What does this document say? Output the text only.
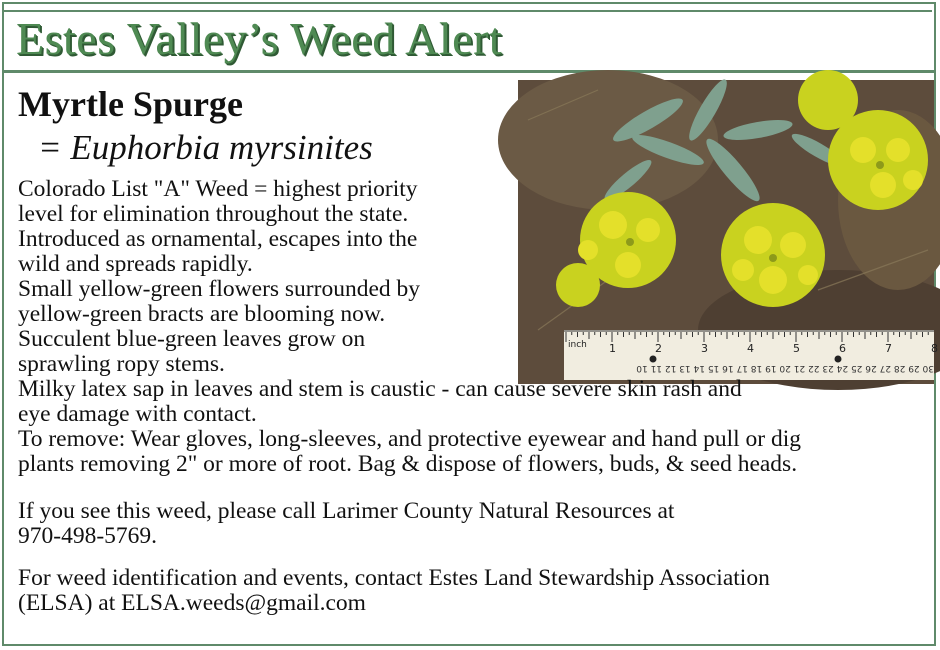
Estes Valley’s Weed Alert
Myrtle Spurge
= Euphorbia myrsinites
inch 1	2	3	4	5	6	7	8
30 29 28 27 26 25 24 23 22 21 20 19 18 17 16 15 14 13 12 11 10
Colorado List "A" Weed = highest priority
level for elimination throughout the state.
Introduced as ornamental, escapes into the
wild and spreads rapidly.
Small yellow-green flowers surrounded by
yellow-green bracts are blooming now.
Succulent blue-green leaves grow on
sprawling ropy stems.
Milky latex sap in leaves and stem is caustic - can cause severe skin rash and
eye damage with contact.
To remove: Wear gloves, long-sleeves, and protective eyewear and hand pull or dig
plants removing 2" or more of root. Bag & dispose of flowers, buds, & seed heads.
If you see this weed, please call Larimer County Natural Resources at
970-498-5769.
For weed identification and events, contact Estes Land Stewardship Association
(ELSA) at ELSA.weeds@gmail.com
